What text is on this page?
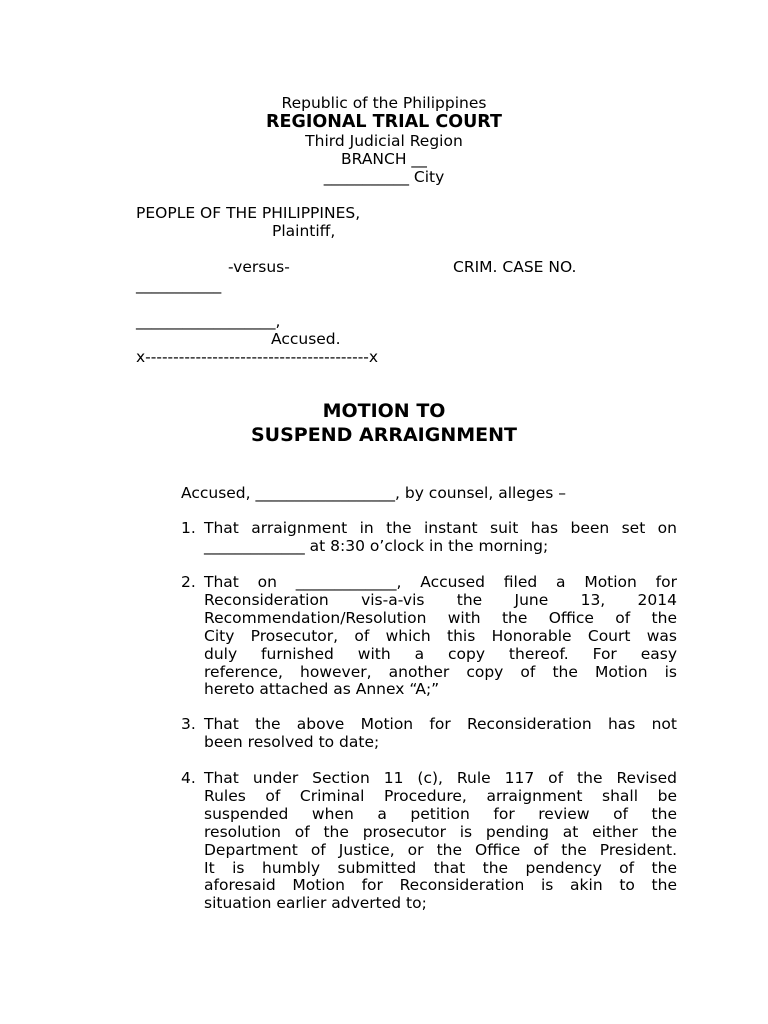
Republic of the Philippines
REGIONAL TRIAL COURT
Third Judicial Region
BRANCH __
___________ City
PEOPLE OF THE PHILIPPINES,
Plaintiff,
-versus-	CRIM. CASE NO.
___________
__________________,
Accused.
x----------------------------------------x
MOTION TO
SUSPEND ARRAIGNMENT
Accused, __________________, by counsel, alleges –
1. That arraignment in the instant suit has been set on
_____________ at 8:30 o’clock in the morning;
2. That on _____________, Accused filed a Motion for
Reconsideration vis-a-vis the June 13, 2014
Recommendation/Resolution with the Office of the
City Prosecutor, of which this Honorable Court was
duly furnished with a copy thereof. For easy
reference, however, another copy of the Motion is
hereto attached as Annex “A;”
3. That the above Motion for Reconsideration has not
been resolved to date;
4. That under Section 11 (c), Rule 117 of the Revised
Rules of Criminal Procedure, arraignment shall be
suspended when a petition for review of the
resolution of the prosecutor is pending at either the
Department of Justice, or the Office of the President.
It is humbly submitted that the pendency of the
aforesaid Motion for Reconsideration is akin to the
situation earlier adverted to;
